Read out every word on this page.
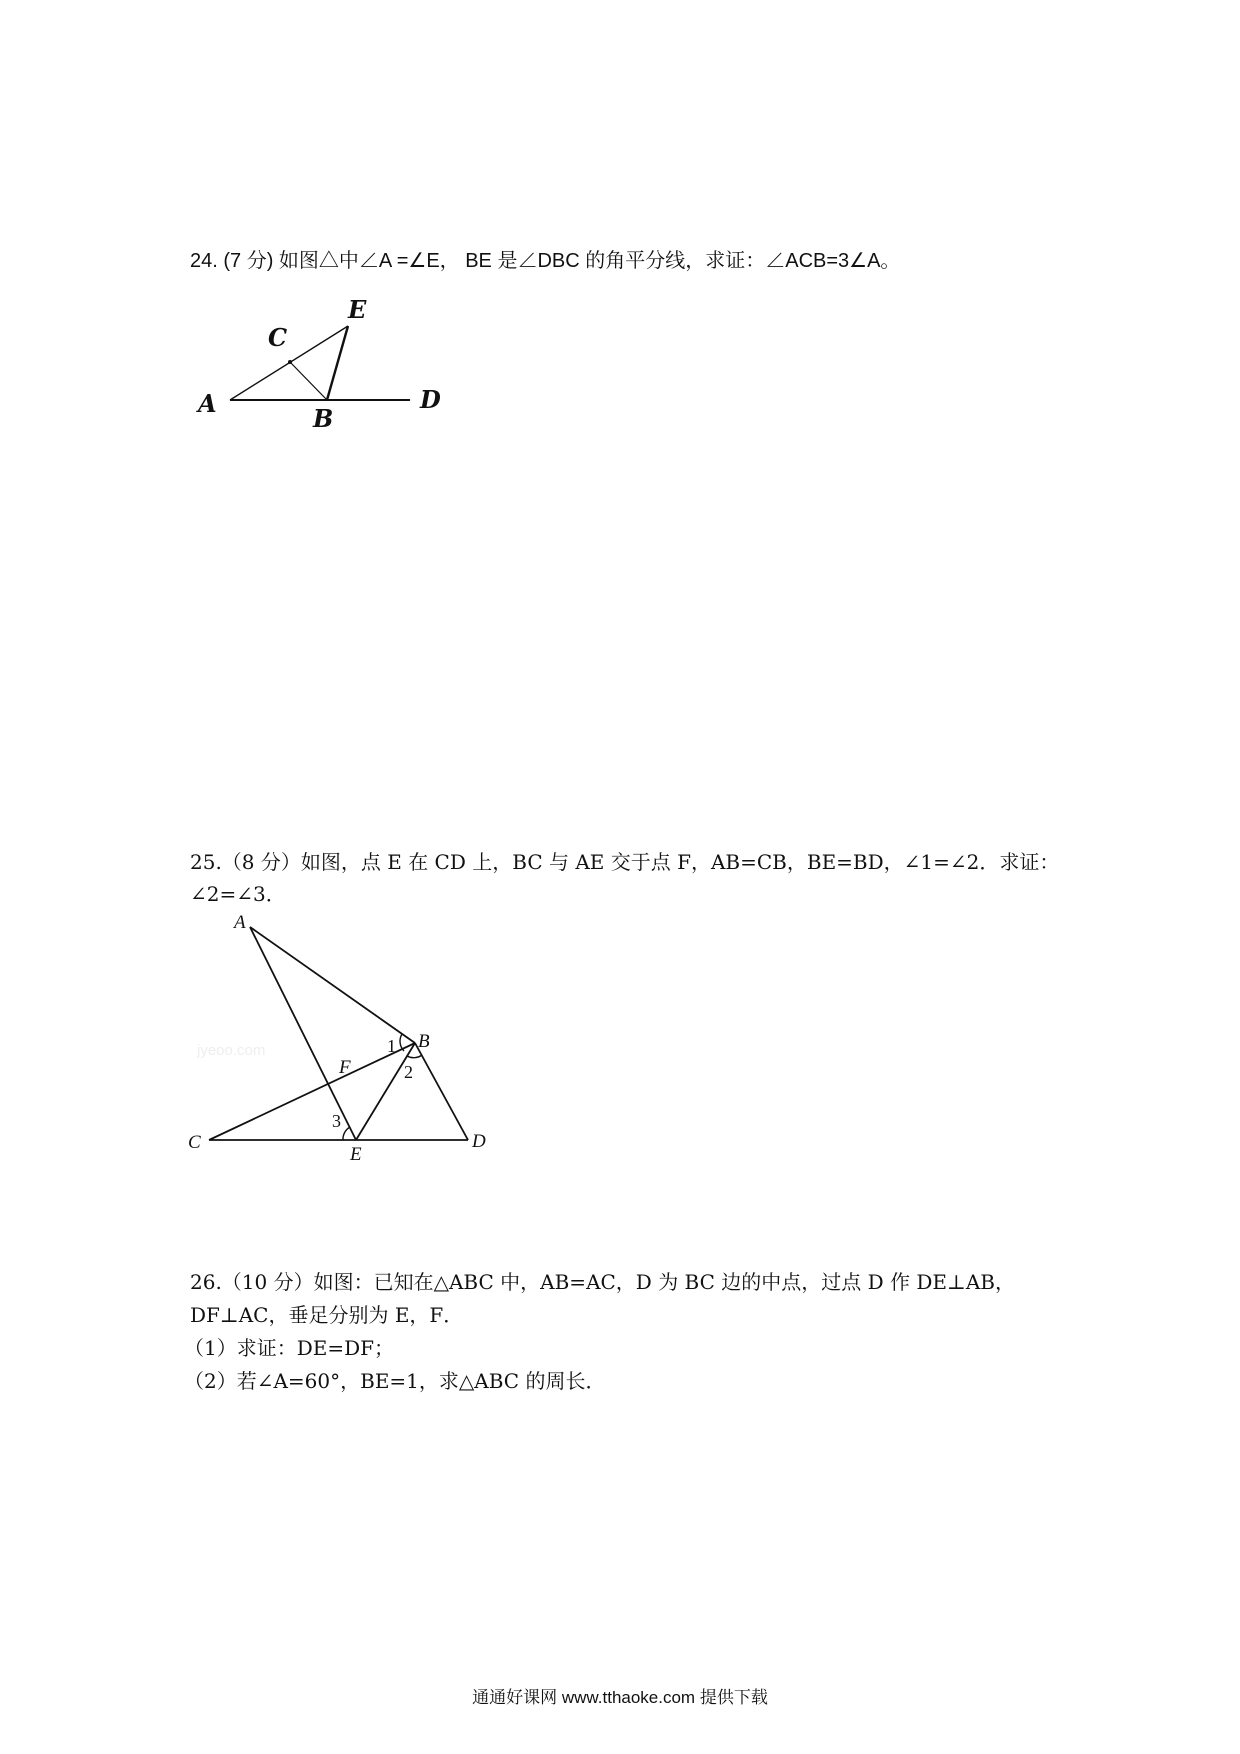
24. (7 分) 如图△中∠A =∠E， BE 是∠DBC 的角平分线，求证：∠ACB=3∠A。
A
B
C
D
E
25.（8 分）如图，点 E 在 CD 上，BC 与 AE 交于点 F，AB=CB，BE=BD，∠1=∠2．求证：
∠2=∠3．
jyeoo.com
A
B
C	D
E
F
1
2
3
26.（10 分）如图：已知在△ABC 中，AB=AC，D 为 BC 边的中点，过点 D 作 DE⊥AB，
DF⊥AC，垂足分别为 E，F．
（1）求证：DE=DF；
（2）若∠A=60°，BE=1，求△ABC 的周长．
通通好课网 www.tthaoke.com 提供下载
